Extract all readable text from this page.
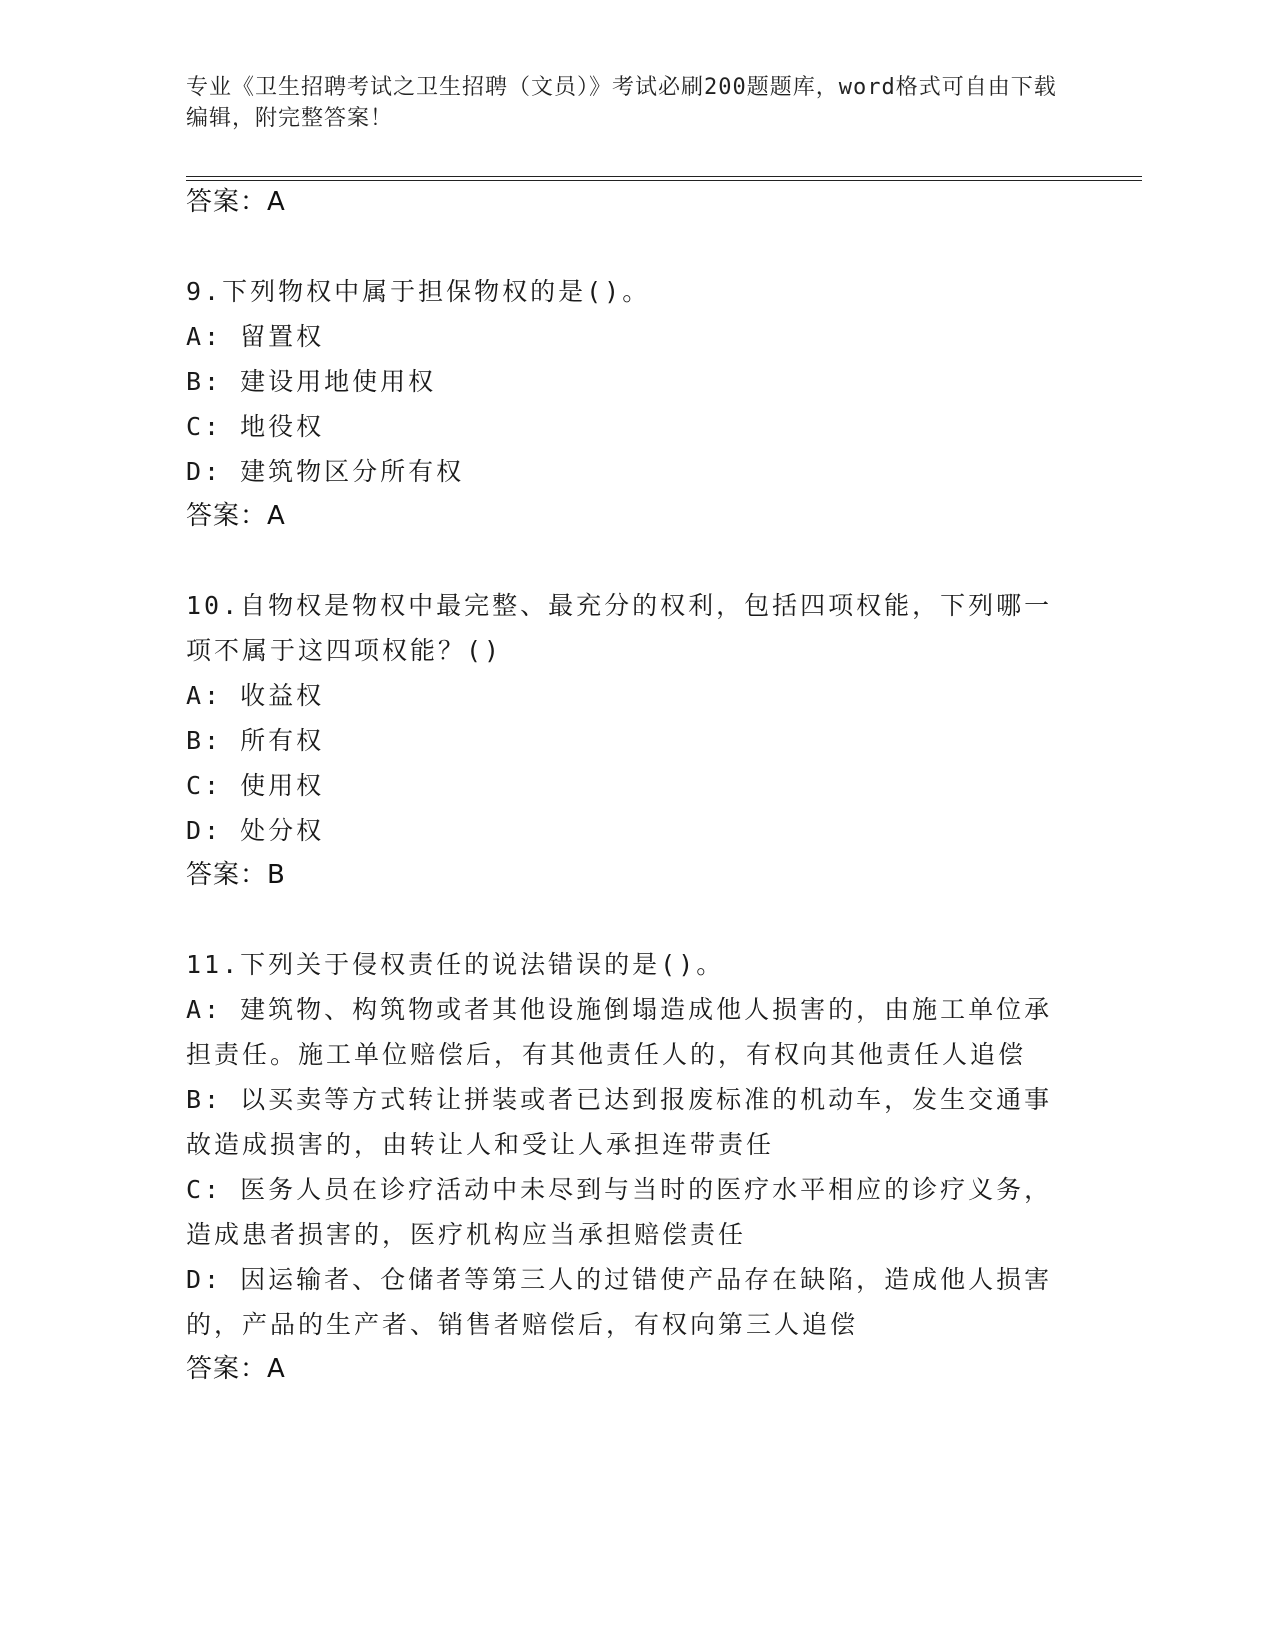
专业《卫生招聘考试之卫生招聘（文员）》考试必刷200题题库，word格式可自由下载编辑，附完整答案！
答案：A
9.下列物权中属于担保物权的是()。
A: 留置权
B: 建设用地使用权
C: 地役权
D: 建筑物区分所有权
答案：A
10.自物权是物权中最完整、最充分的权利，包括四项权能，下列哪一项不属于这四项权能？()
A: 收益权
B: 所有权
C: 使用权
D: 处分权
答案：B
11.下列关于侵权责任的说法错误的是()。
A: 建筑物、构筑物或者其他设施倒塌造成他人损害的，由施工单位承担责任。施工单位赔偿后，有其他责任人的，有权向其他责任人追偿
B: 以买卖等方式转让拼装或者已达到报废标准的机动车，发生交通事故造成损害的，由转让人和受让人承担连带责任
C: 医务人员在诊疗活动中未尽到与当时的医疗水平相应的诊疗义务，造成患者损害的，医疗机构应当承担赔偿责任
D: 因运输者、仓储者等第三人的过错使产品存在缺陷，造成他人损害的，产品的生产者、销售者赔偿后，有权向第三人追偿
答案：A
